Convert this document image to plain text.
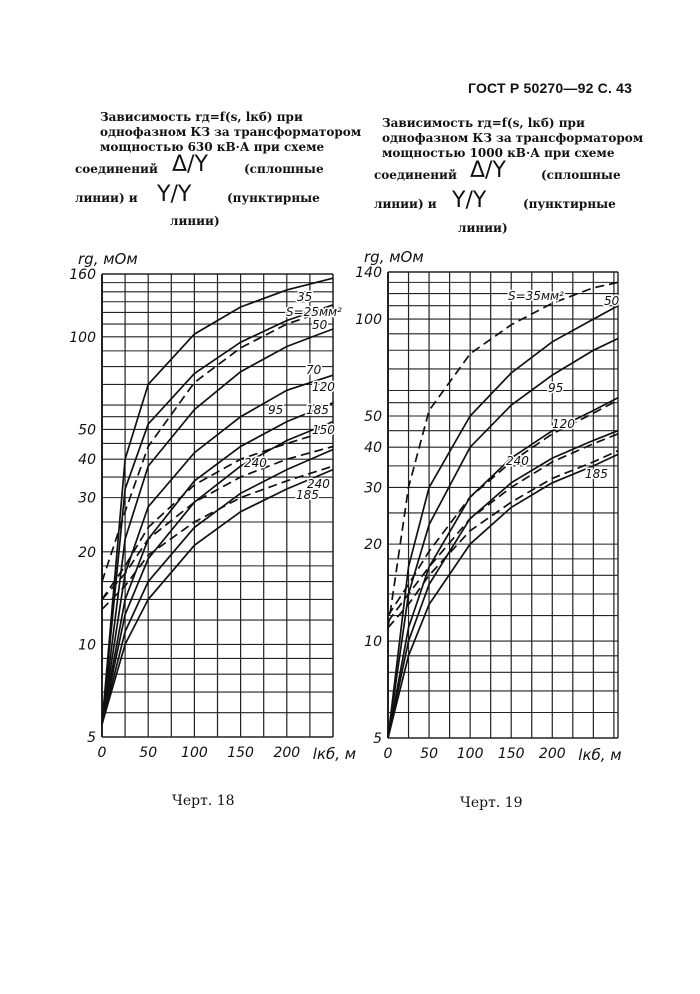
ГОСТ Р 50270—92 С. 43
Зависимость rд=f(s, lкб) при
однофазном КЗ за трансформатором
мощностью 630 кВ·А при схеме
соединений Δ/Y	(сплошные
линии) и Y/Y	(пунктирные
линии)
Зависимость rд=f(s, lкб) при
однофазном КЗ за трансформатором
мощностью 1000 кВ·А при схеме
соединений Δ/Y	(сплошные
линии) и Y/Y	(пунктирные
линии)
5
10
20
30
40
50
100
160
0 50 100 150 200
rg, мОм
lкб, м
S=25мм²
35
50
70
120
95 185
150
240
240
185
5
10
20
30
40
50
100
140
0 50 100 150 200
rg, мОм
lкб, м
S=35мм²	50
95
120
240
185
Черт. 18	Черт. 19
